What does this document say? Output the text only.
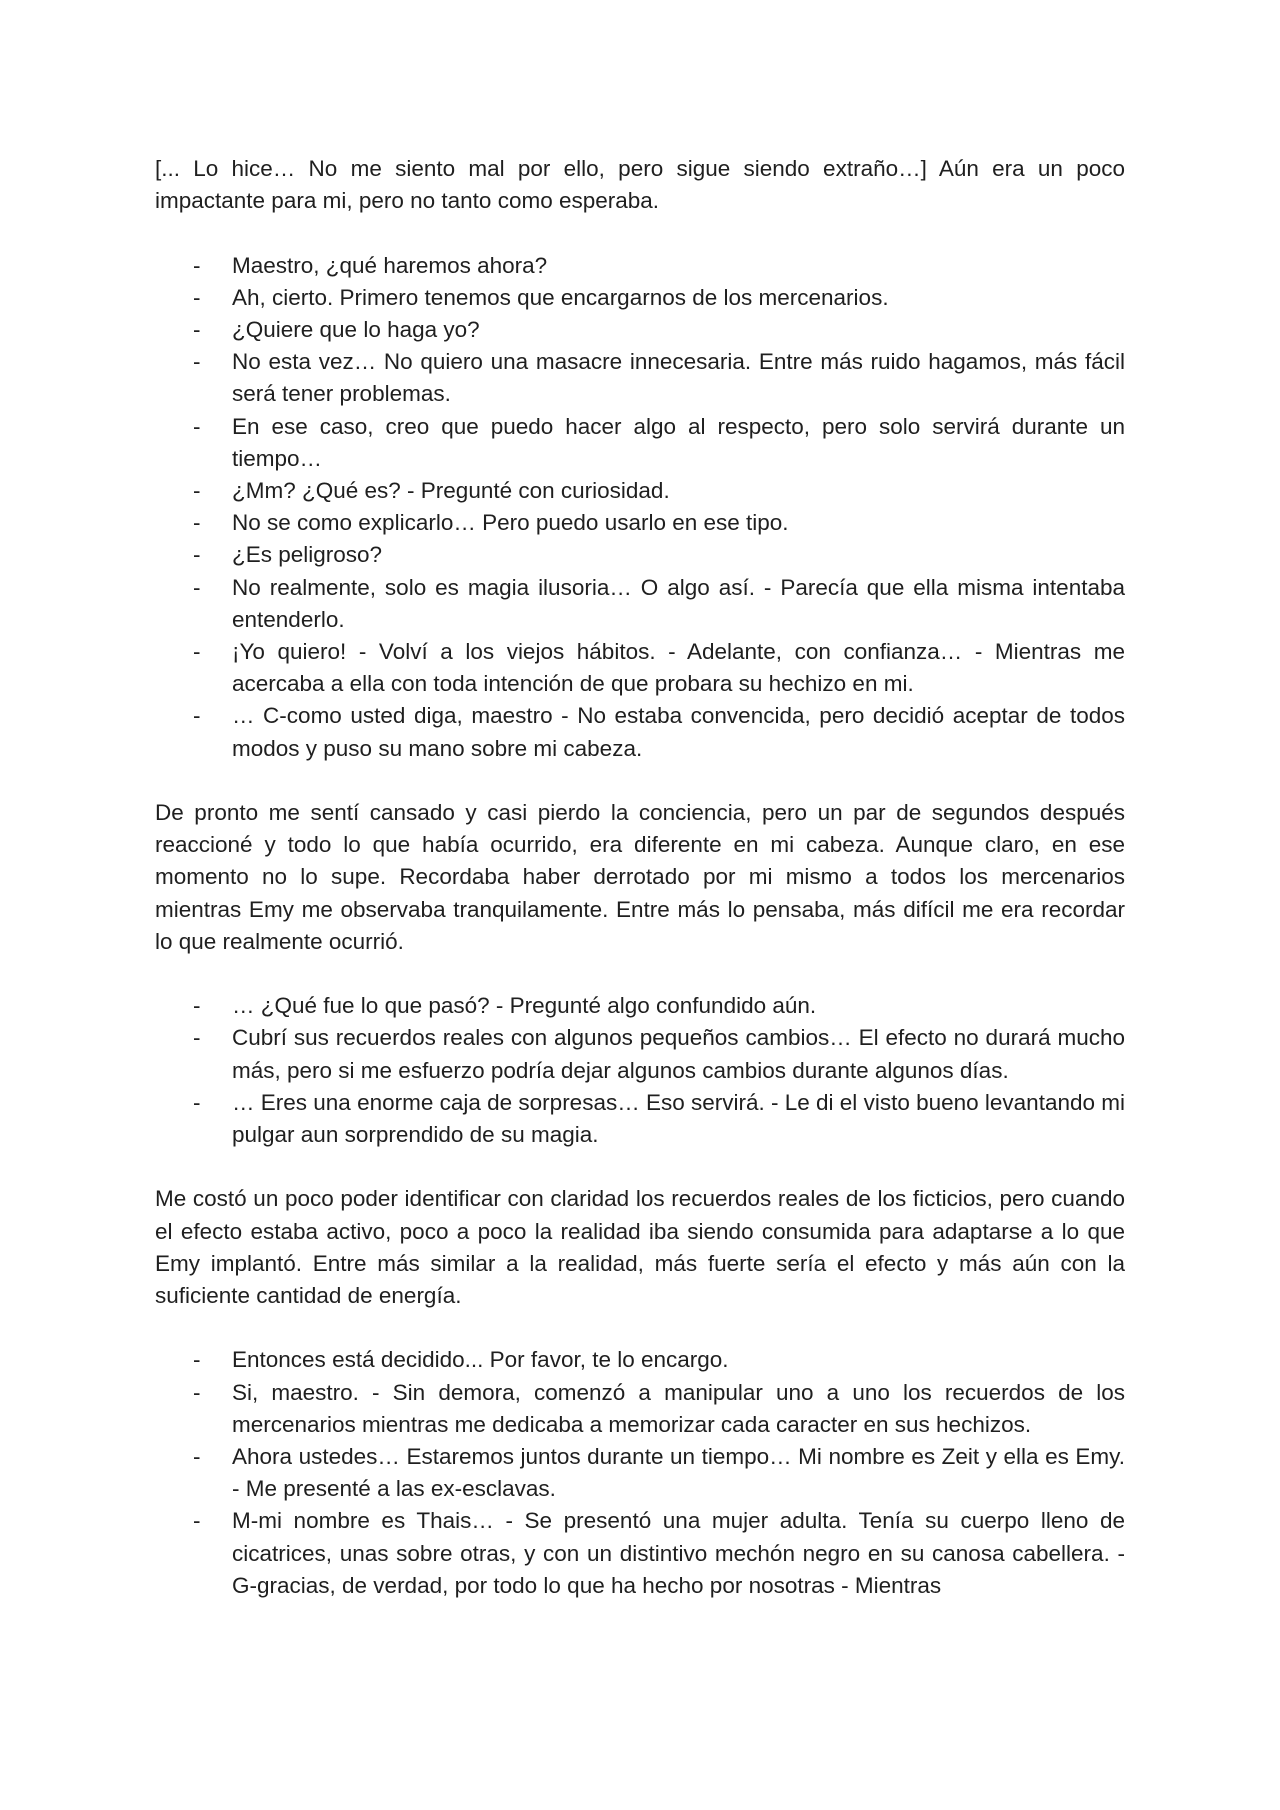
[... Lo hice… No me siento mal por ello, pero sigue siendo extraño…] Aún era un poco impactante para mi, pero no tanto como esperaba.

- Maestro, ¿qué haremos ahora?
- Ah, cierto. Primero tenemos que encargarnos de los mercenarios.
- ¿Quiere que lo haga yo?
- No esta vez… No quiero una masacre innecesaria. Entre más ruido hagamos, más fácil será tener problemas.
- En ese caso, creo que puedo hacer algo al respecto, pero solo servirá durante un tiempo…
- ¿Mm? ¿Qué es? - Pregunté con curiosidad.
- No se como explicarlo… Pero puedo usarlo en ese tipo.
- ¿Es peligroso?
- No realmente, solo es magia ilusoria… O algo así. - Parecía que ella misma intentaba entenderlo.
- ¡Yo quiero! - Volví a los viejos hábitos. - Adelante, con confianza… - Mientras me acercaba a ella con toda intención de que probara su hechizo en mi.
- … C-como usted diga, maestro - No estaba convencida, pero decidió aceptar de todos modos y puso su mano sobre mi cabeza.

De pronto me sentí cansado y casi pierdo la conciencia, pero un par de segundos después reaccioné y todo lo que había ocurrido, era diferente en mi cabeza. Aunque claro, en ese momento no lo supe. Recordaba haber derrotado por mi mismo a todos los mercenarios mientras Emy me observaba tranquilamente. Entre más lo pensaba, más difícil me era recordar lo que realmente ocurrió.

- … ¿Qué fue lo que pasó? - Pregunté algo confundido aún.
- Cubrí sus recuerdos reales con algunos pequeños cambios… El efecto no durará mucho más, pero si me esfuerzo podría dejar algunos cambios durante algunos días.
- … Eres una enorme caja de sorpresas… Eso servirá. - Le di el visto bueno levantando mi pulgar aun sorprendido de su magia.

Me costó un poco poder identificar con claridad los recuerdos reales de los ficticios, pero cuando el efecto estaba activo, poco a poco la realidad iba siendo consumida para adaptarse a lo que Emy implantó. Entre más similar a la realidad, más fuerte sería el efecto y más aún con la suficiente cantidad de energía.

- Entonces está decidido... Por favor, te lo encargo.
- Si, maestro. - Sin demora, comenzó a manipular uno a uno los recuerdos de los mercenarios mientras me dedicaba a memorizar cada caracter en sus hechizos.
- Ahora ustedes… Estaremos juntos durante un tiempo… Mi nombre es Zeit y ella es Emy. - Me presenté a las ex-esclavas.
- M-mi nombre es Thais… - Se presentó una mujer adulta. Tenía su cuerpo lleno de cicatrices, unas sobre otras, y con un distintivo mechón negro en su canosa cabellera. - G-gracias, de verdad, por todo lo que ha hecho por nosotras - Mientras
